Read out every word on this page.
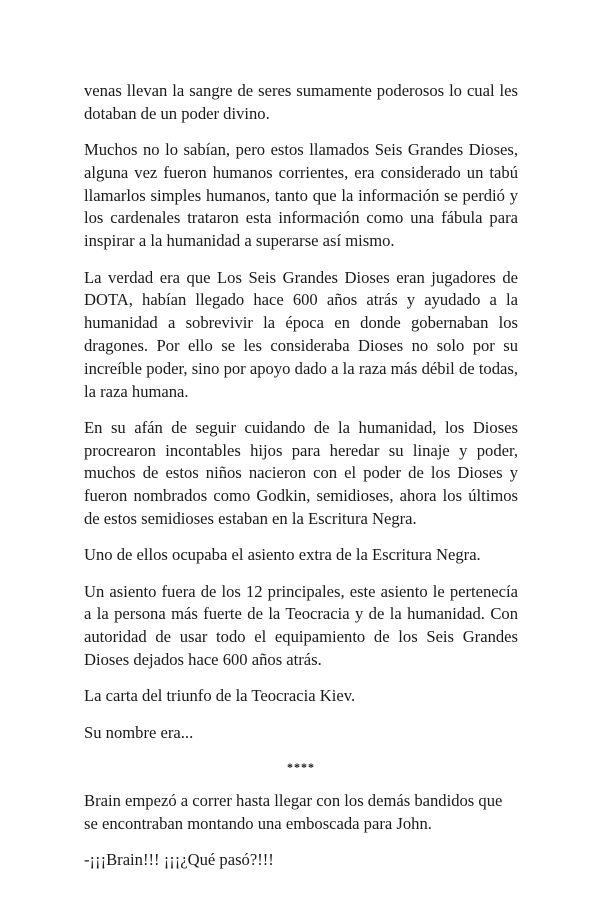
venas llevan la sangre de seres sumamente poderosos lo cual les dotaban de un poder divino.

Muchos no lo sabían, pero estos llamados Seis Grandes Dioses, alguna vez fueron humanos corrientes, era considerado un tabú llamarlos simples humanos, tanto que la información se perdió y los cardenales trataron esta información como una fábula para inspirar a la humanidad a superarse así mismo.

La verdad era que Los Seis Grandes Dioses eran jugadores de DOTA, habían llegado hace 600 años atrás y ayudado a la humanidad a sobrevivir la época en donde gobernaban los dragones. Por ello se les consideraba Dioses no solo por su increíble poder, sino por apoyo dado a la raza más débil de todas, la raza humana.

En su afán de seguir cuidando de la humanidad, los Dioses procrearon incontables hijos para heredar su linaje y poder, muchos de estos niños nacieron con el poder de los Dioses y fueron nombrados como Godkin, semidioses, ahora los últimos de estos semidioses estaban en la Escritura Negra.

Uno de ellos ocupaba el asiento extra de la Escritura Negra.

Un asiento fuera de los 12 principales, este asiento le pertenecía a la persona más fuerte de la Teocracia y de la humanidad. Con autoridad de usar todo el equipamiento de los Seis Grandes Dioses dejados hace 600 años atrás.

La carta del triunfo de la Teocracia Kiev.

Su nombre era...

****

Brain empezó a correr hasta llegar con los demás bandidos que se encontraban montando una emboscada para John.

-¡¡¡Brain!!! ¡¡¡¿Qué pasó?!!!
